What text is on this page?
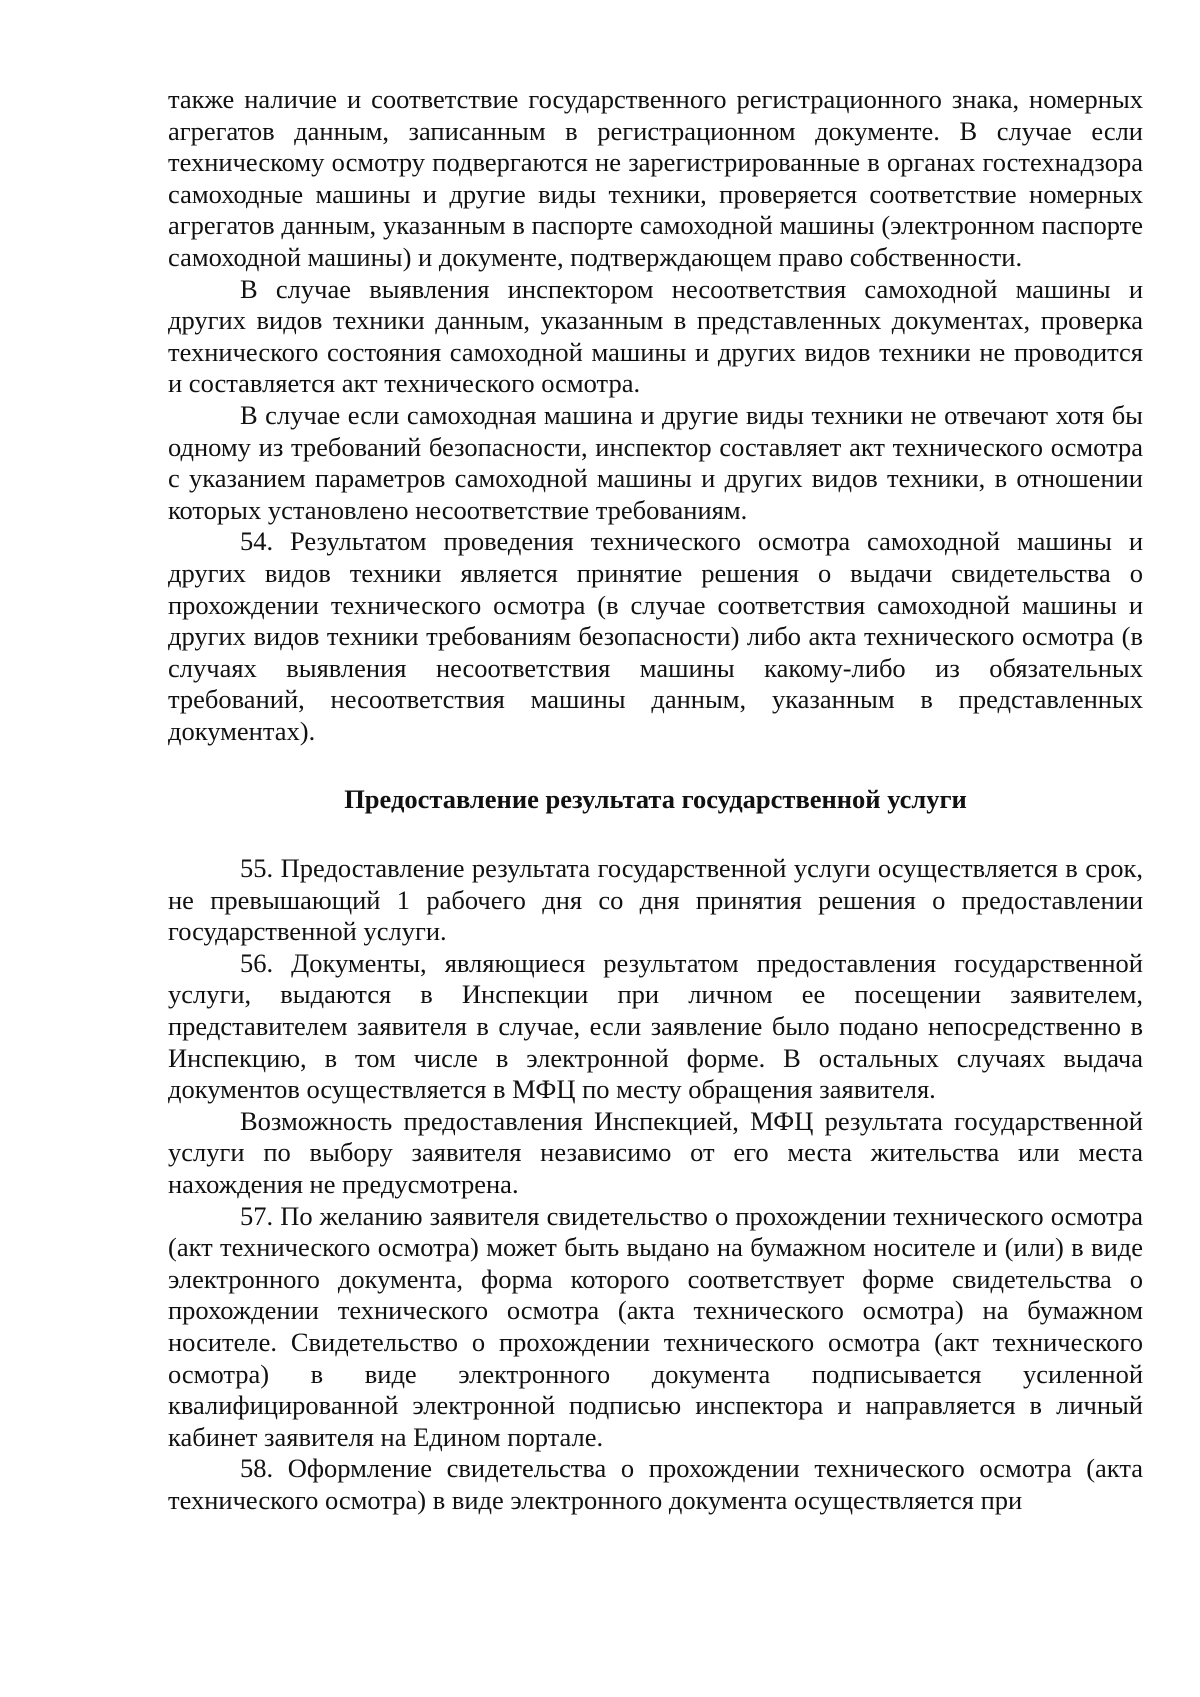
также наличие и соответствие государственного регистрационного знака, номерных агрегатов данным, записанным в регистрационном документе. В случае если техническому осмотру подвергаются не зарегистрированные в органах гостехнадзора самоходные машины и другие виды техники, проверяется соответствие номерных агрегатов данным, указанным в паспорте самоходной машины (электронном паспорте самоходной машины) и документе, подтверждающем право собственности.

В случае выявления инспектором несоответствия самоходной машины и других видов техники данным, указанным в представленных документах, проверка технического состояния самоходной машины и других видов техники не проводится и составляется акт технического осмотра.

В случае если самоходная машина и другие виды техники не отвечают хотя бы одному из требований безопасности, инспектор составляет акт технического осмотра с указанием параметров самоходной машины и других видов техники, в отношении которых установлено несоответствие требованиям.

54. Результатом проведения технического осмотра самоходной машины и других видов техники является принятие решения о выдачи свидетельства о прохождении технического осмотра (в случае соответствия самоходной машины и других видов техники требованиям безопасности) либо акта технического осмотра (в случаях выявления несоответствия машины какому-либо из обязательных требований, несоответствия машины данным, указанным в представленных документах).

Предоставление результата государственной услуги

55. Предоставление результата государственной услуги осуществляется в срок, не превышающий 1 рабочего дня со дня принятия решения о предоставлении государственной услуги.

56. Документы, являющиеся результатом предоставления государственной услуги, выдаются в Инспекции при личном ее посещении заявителем, представителем заявителя в случае, если заявление было подано непосредственно в Инспекцию, в том числе в электронной форме. В остальных случаях выдача документов осуществляется в МФЦ по месту обращения заявителя.

Возможность предоставления Инспекцией, МФЦ результата государственной услуги по выбору заявителя независимо от его места жительства или места нахождения не предусмотрена.

57. По желанию заявителя свидетельство о прохождении технического осмотра (акт технического осмотра) может быть выдано на бумажном носителе и (или) в виде электронного документа, форма которого соответствует форме свидетельства о прохождении технического осмотра (акта технического осмотра) на бумажном носителе. Свидетельство о прохождении технического осмотра (акт технического осмотра) в виде электронного документа подписывается усиленной квалифицированной электронной подписью инспектора и направляется в личный кабинет заявителя на Едином портале.

58. Оформление свидетельства о прохождении технического осмотра (акта технического осмотра) в виде электронного документа осуществляется при
